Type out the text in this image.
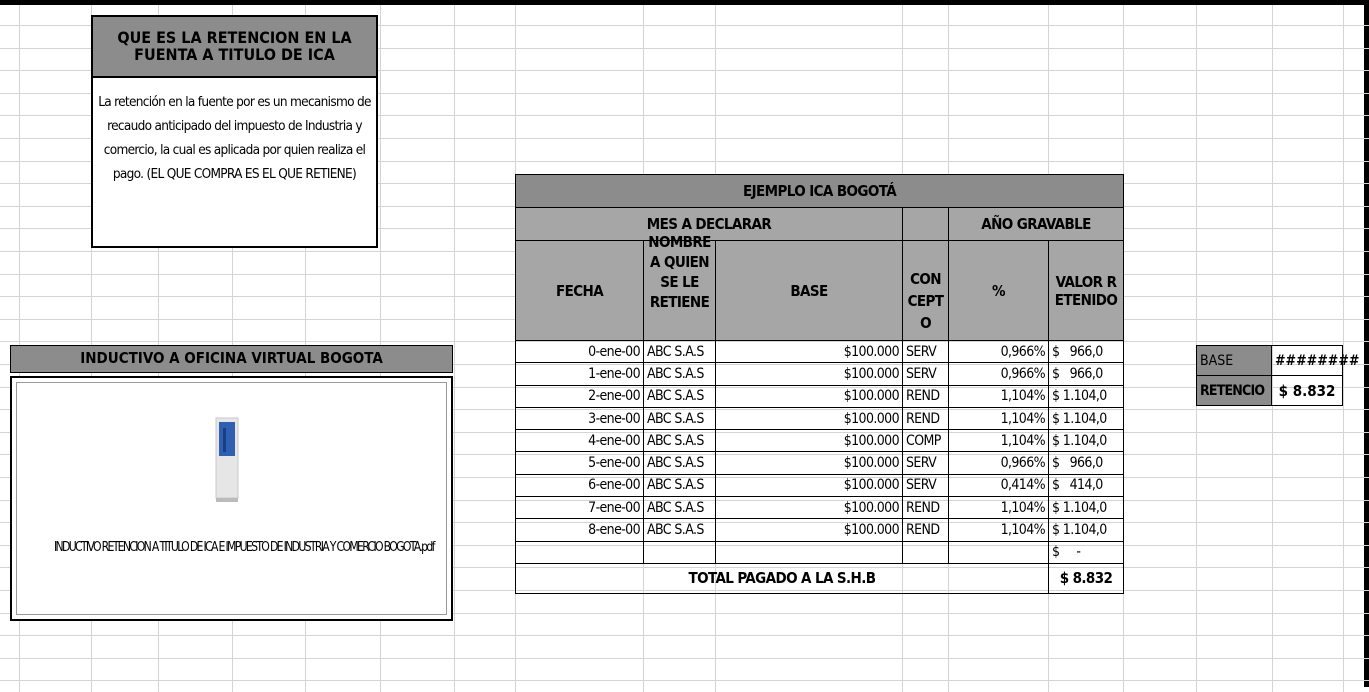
QUE ES LA RETENCION EN LA FUENTA A TITULO DE ICA
La retención en la fuente por es un mecanismo de recaudo anticipado del impuesto de Industria y comercio, la cual es aplicada por quien realiza el pago. (EL QUE COMPRA ES EL QUE RETIENE)
INDUCTIVO A OFICINA VIRTUAL BOGOTA
INDUCTIVO RETENCION A TITULO DE ICA E IMPUESTO DE INDUSTRIA Y COMERCIO BOGOTA.pdf
EJEMPLO ICA BOGOTÁ					
MES A DECLARAR				AÑO GRAVABLE	
FECHA	NOMBRE A QUIEN SE LE RETIENE	BASE	CONCEPTO	%	VALOR RETENIDO
0-ene-00	ABC S.A.S	$100.000	SERV	0,966%	$   966,0
1-ene-00	ABC S.A.S	$100.000	SERV	0,966%	$   966,0
2-ene-00	ABC S.A.S	$100.000	REND	1,104%	$ 1.104,0
3-ene-00	ABC S.A.S	$100.000	REND	1,104%	$ 1.104,0
4-ene-00	ABC S.A.S	$100.000	COMP	1,104%	$ 1.104,0
5-ene-00	ABC S.A.S	$100.000	SERV	0,966%	$   966,0
6-ene-00	ABC S.A.S	$100.000	SERV	0,414%	$   414,0
7-ene-00	ABC S.A.S	$100.000	REND	1,104%	$ 1.104,0
8-ene-00	ABC S.A.S	$100.000	REND	1,104%	$ 1.104,0
					$     -
TOTAL PAGADO A LA S.H.B					$ 8.832
BASE	########
RETENCIO	$ 8.832
